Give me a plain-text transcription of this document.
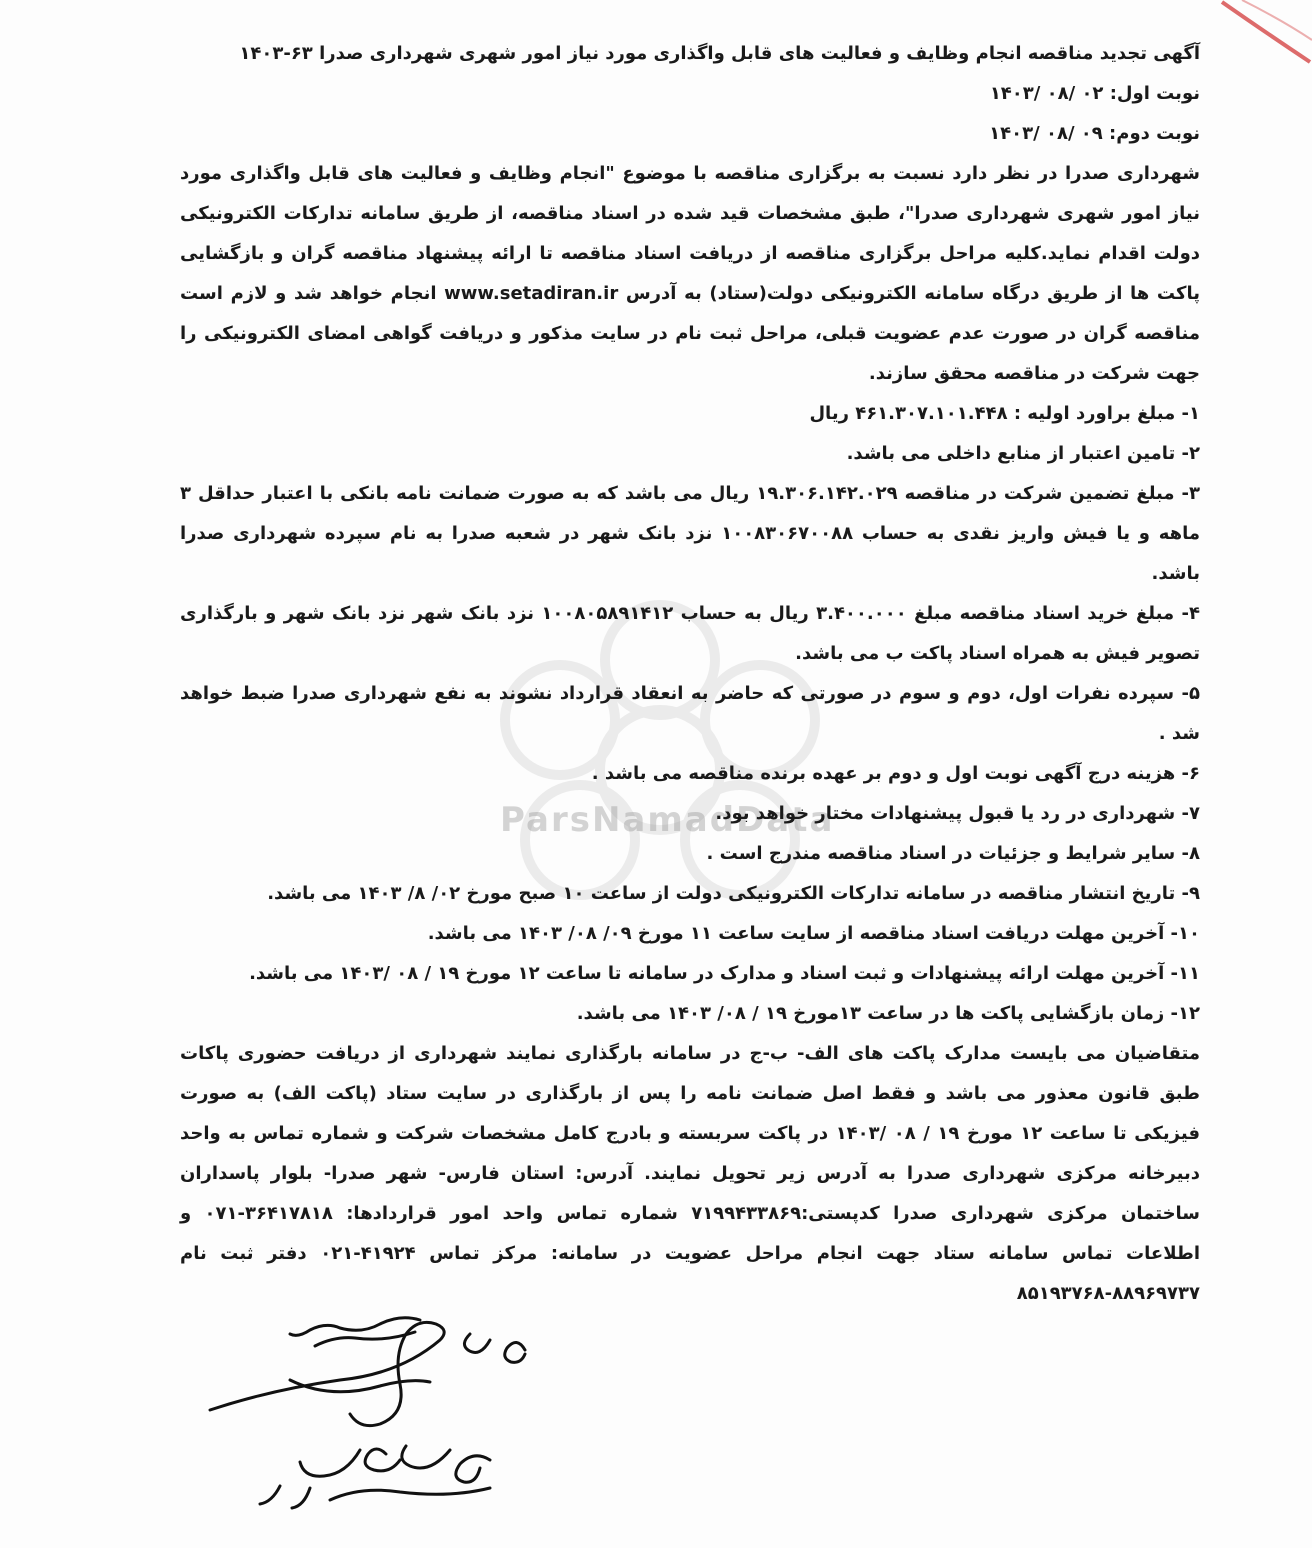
ParsNamadData

آگهی تجدید مناقصه انجام وظایف و فعالیت های قابل واگذاری مورد نیاز امور شهری شهرداری صدرا ۶۳-۱۴۰۳

نوبت اول: ۰۲ /۰۸ /۱۴۰۳

نوبت دوم: ۰۹ /۰۸ /۱۴۰۳

شهرداری صدرا در نظر دارد نسبت به برگزاری مناقصه با موضوع "انجام وظایف و فعالیت های قابل واگذاری مورد نیاز امور شهری شهرداری صدرا"، طبق مشخصات قید شده در اسناد مناقصه، از طریق سامانه تدارکات الکترونیکی دولت اقدام نماید.کلیه مراحل برگزاری مناقصه از دریافت اسناد مناقصه تا ارائه پیشنهاد مناقصه گران و بازگشایی پاکت ها از طریق درگاه سامانه الکترونیکی دولت(ستاد) به آدرس www.setadiran.ir انجام خواهد شد و لازم است مناقصه گران در صورت عدم عضویت قبلی، مراحل ثبت نام در سایت مذکور و دریافت گواهی امضای الکترونیکی را جهت شرکت در مناقصه محقق سازند.

۱- مبلغ براورد اولیه : ۴۶۱.۳۰۷.۱۰۱.۴۴۸ ریال

۲- تامین اعتبار از منابع داخلی می باشد.

۳- مبلغ تضمین شرکت در مناقصه ۱۹.۳۰۶.۱۴۲.۰۲۹ ریال می باشد که به صورت ضمانت نامه بانکی با اعتبار حداقل ۳ ماهه و یا فیش واریز نقدی به حساب ۱۰۰۸۳۰۶۷۰۰۸۸ نزد بانک شهر در شعبه صدرا به نام سپرده شهرداری صدرا باشد.

۴- مبلغ خرید اسناد مناقصه مبلغ ۳.۴۰۰.۰۰۰ ریال به حساب ۱۰۰۸۰۵۸۹۱۴۱۲ نزد بانک شهر نزد بانک شهر و بارگذاری تصویر فیش به همراه اسناد پاکت ب می باشد.

۵- سپرده نفرات اول، دوم و سوم در صورتی که حاضر به انعقاد قرارداد نشوند به نفع شهرداری صدرا ضبط خواهد شد .

۶- هزینه درج آگهی نوبت اول و دوم بر عهده برنده مناقصه می باشد .

۷- شهرداری در رد یا قبول پیشنهادات مختار خواهد بود.

۸- سایر شرایط و جزئیات در اسناد مناقصه مندرج است .

۹- تاریخ انتشار مناقصه در سامانه تدارکات الکترونیکی دولت از ساعت ۱۰ صبح مورخ ۰۲/ ۸/ ۱۴۰۳ می باشد.

۱۰- آخرین مهلت دریافت اسناد مناقصه از سایت ساعت ۱۱ مورخ ۰۹/ ۰۸/ ۱۴۰۳ می باشد.

۱۱- آخرین مهلت ارائه پیشنهادات و ثبت اسناد و مدارک در سامانه تا ساعت ۱۲ مورخ ۱۹ / ۰۸ /۱۴۰۳ می باشد.

۱۲- زمان بازگشایی پاکت ها در ساعت ۱۳مورخ ۱۹ / ۰۸/ ۱۴۰۳ می باشد.

متقاضیان می بایست مدارک پاکت های الف- ب-ج در سامانه بارگذاری نمایند شهرداری از دریافت حضوری پاکات طبق قانون معذور می باشد و فقط اصل ضمانت نامه را پس از بارگذاری در سایت ستاد (پاکت الف) به صورت فیزیکی تا ساعت ۱۲ مورخ ۱۹ / ۰۸ /۱۴۰۳ در پاکت سربسته و بادرج کامل مشخصات شرکت و شماره تماس به واحد دبیرخانه مرکزی شهرداری صدرا به آدرس زیر تحویل نمایند. آدرس: استان فارس- شهر صدرا- بلوار پاسداران ساختمان مرکزی شهرداری صدرا کدپستی:۷۱۹۹۴۳۳۸۶۹ شماره تماس واحد امور قراردادها: ۳۶۴۱۷۸۱۸-۰۷۱ و اطلاعات تماس سامانه ستاد جهت انجام مراحل عضویت در سامانه: مرکز تماس ۴۱۹۲۴-۰۲۱ دفتر ثبت نام ۸۸۹۶۹۷۳۷-۸۵۱۹۳۷۶۸
